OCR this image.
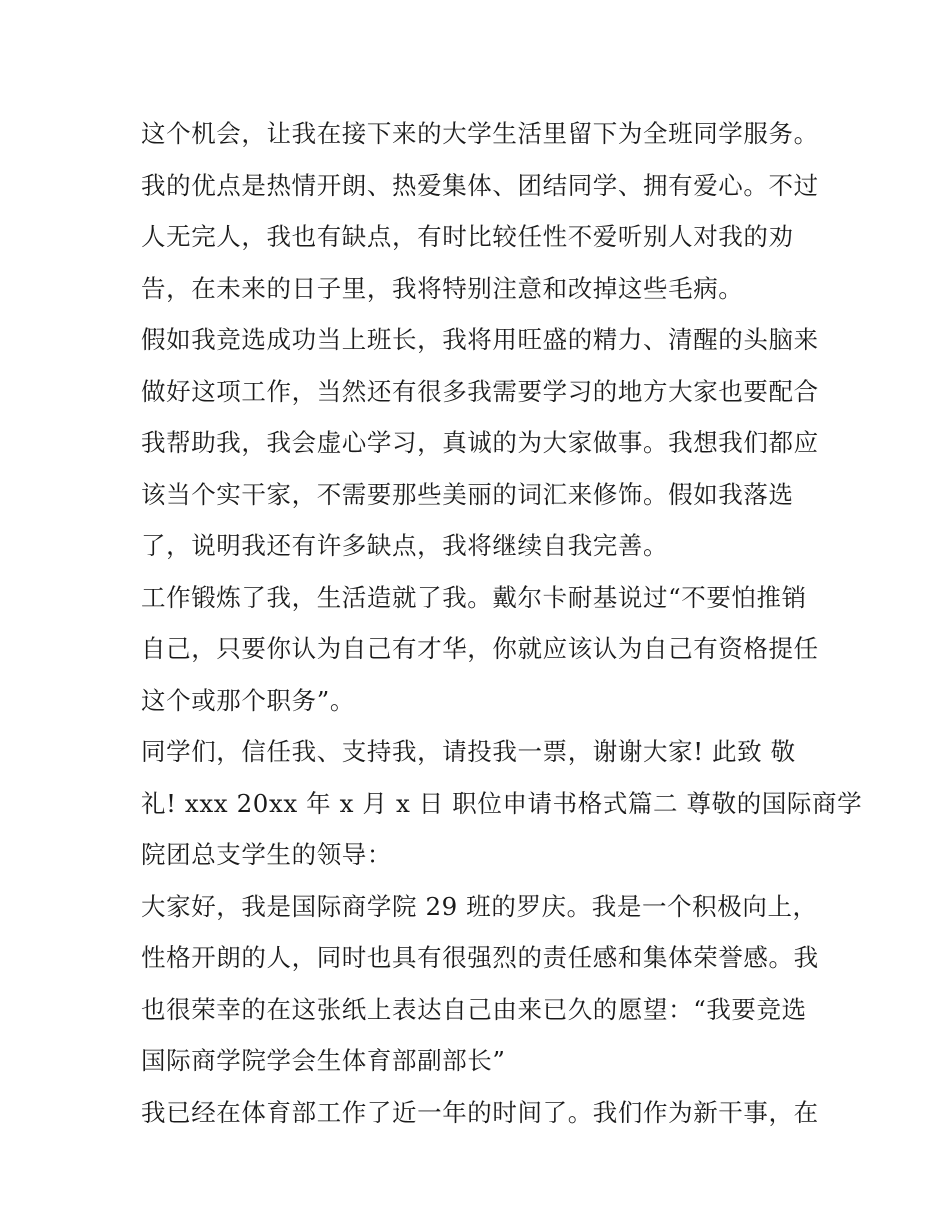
这个机会，让我在接下来的大学生活里留下为全班同学服务。
我的优点是热情开朗、热爱集体、团结同学、拥有爱心。不过
人无完人，我也有缺点，有时比较任性不爱听别人对我的劝
告，在未来的日子里，我将特别注意和改掉这些毛病。
假如我竞选成功当上班长，我将用旺盛的精力、清醒的头脑来
做好这项工作，当然还有很多我需要学习的地方大家也要配合
我帮助我，我会虚心学习，真诚的为大家做事。我想我们都应
该当个实干家，不需要那些美丽的词汇来修饰。假如我落选
了，说明我还有许多缺点，我将继续自我完善。
工作锻炼了我，生活造就了我。戴尔卡耐基说过“不要怕推销
自己，只要你认为自己有才华，你就应该认为自己有资格提任
这个或那个职务”。
同学们，信任我、支持我，请投我一票，谢谢大家! 此致 敬
礼! xxx 20xx 年 x 月 x 日 职位申请书格式篇二 尊敬的国际商学
院团总支学生的领导：
大家好，我是国际商学院 29 班的罗庆。我是一个积极向上，
性格开朗的人，同时也具有很强烈的责任感和集体荣誉感。我
也很荣幸的在这张纸上表达自己由来已久的愿望：“我要竞选
国际商学院学会生体育部副部长”
我已经在体育部工作了近一年的时间了。我们作为新干事，在
